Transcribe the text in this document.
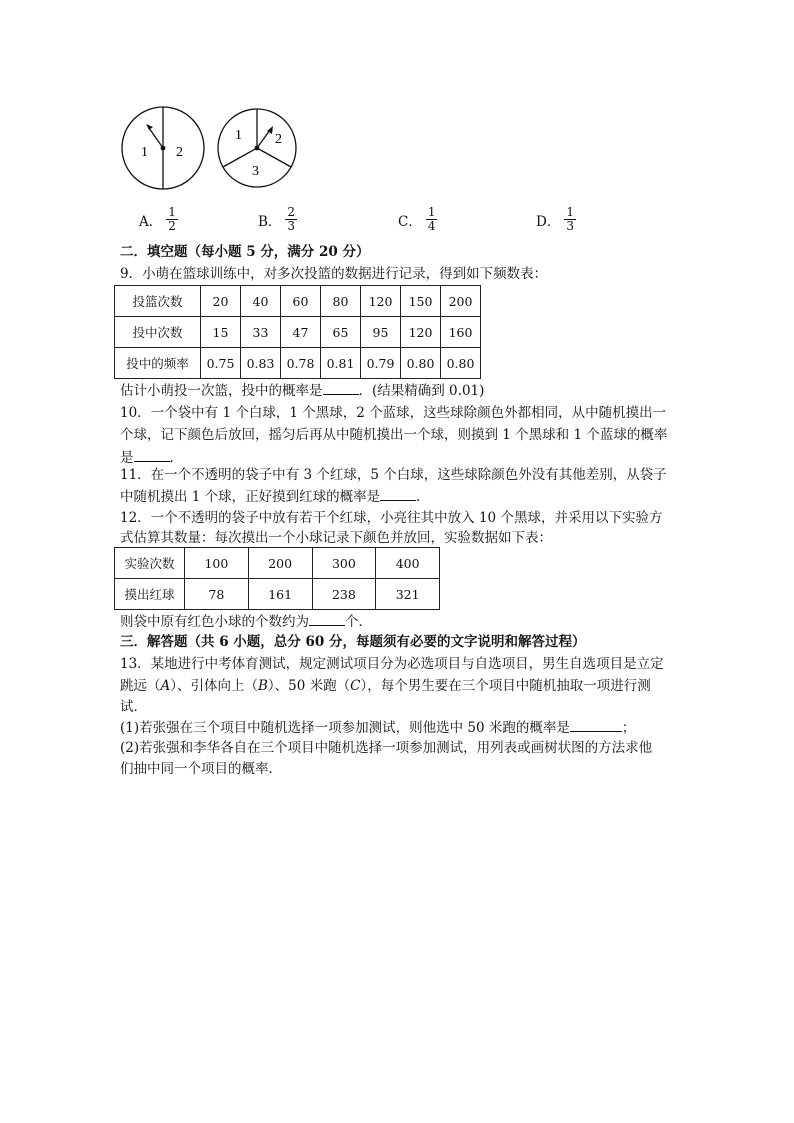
1 2
1 2
3
A． $\frac{1}{2}$	B． $\frac{2}{3}$	C． $\frac{1}{4}$	D． $\frac{1}{3}$
二．填空题（每小题 5 分，满分 20 分）
9．小萌在篮球训练中，对多次投篮的数据进行记录，得到如下频数表：
投篮次数	20	40	60	80	120	150	200
投中次数	15	33	47	65	95	120	160
投中的频率	0.75	0.83	0.78	0.81	0.79	0.80	0.80
估计小萌投一次篮，投中的概率是	．(结果精确到 0.01)
10．一个袋中有 1 个白球，1 个黑球，2 个蓝球，这些球除颜色外都相同，从中随机摸出一
个球，记下颜色后放回，摇匀后再从中随机摸出一个球，则摸到 1 个黑球和 1 个蓝球的概率
是	．
11．在一个不透明的袋子中有 3 个红球，5 个白球，这些球除颜色外没有其他差别，从袋子
中随机摸出 1 个球，正好摸到红球的概率是	．
12．一个不透明的袋子中放有若干个红球，小亮往其中放入 10 个黑球，并采用以下实验方
式估算其数量：每次摸出一个小球记录下颜色并放回，实验数据如下表：
实验次数	100	200	300	400
摸出红球	78	161	238	321
则袋中原有红色小球的个数约为	个．
三．解答题（共 6 小题，总分 60 分，每题须有必要的文字说明和解答过程）
13．某地进行中考体育测试，规定测试项目分为必选项目与自选项目，男生自选项目是立定
跳远（A）、引体向上（B）、50 米跑（C），每个男生要在三个项目中随机抽取一项进行测
试．
(1)若张强在三个项目中随机选择一项参加测试，则他选中 50 米跑的概率是	；
(2)若张强和李华各自在三个项目中随机选择一项参加测试，用列表或画树状图的方法求他
们抽中同一个项目的概率．
